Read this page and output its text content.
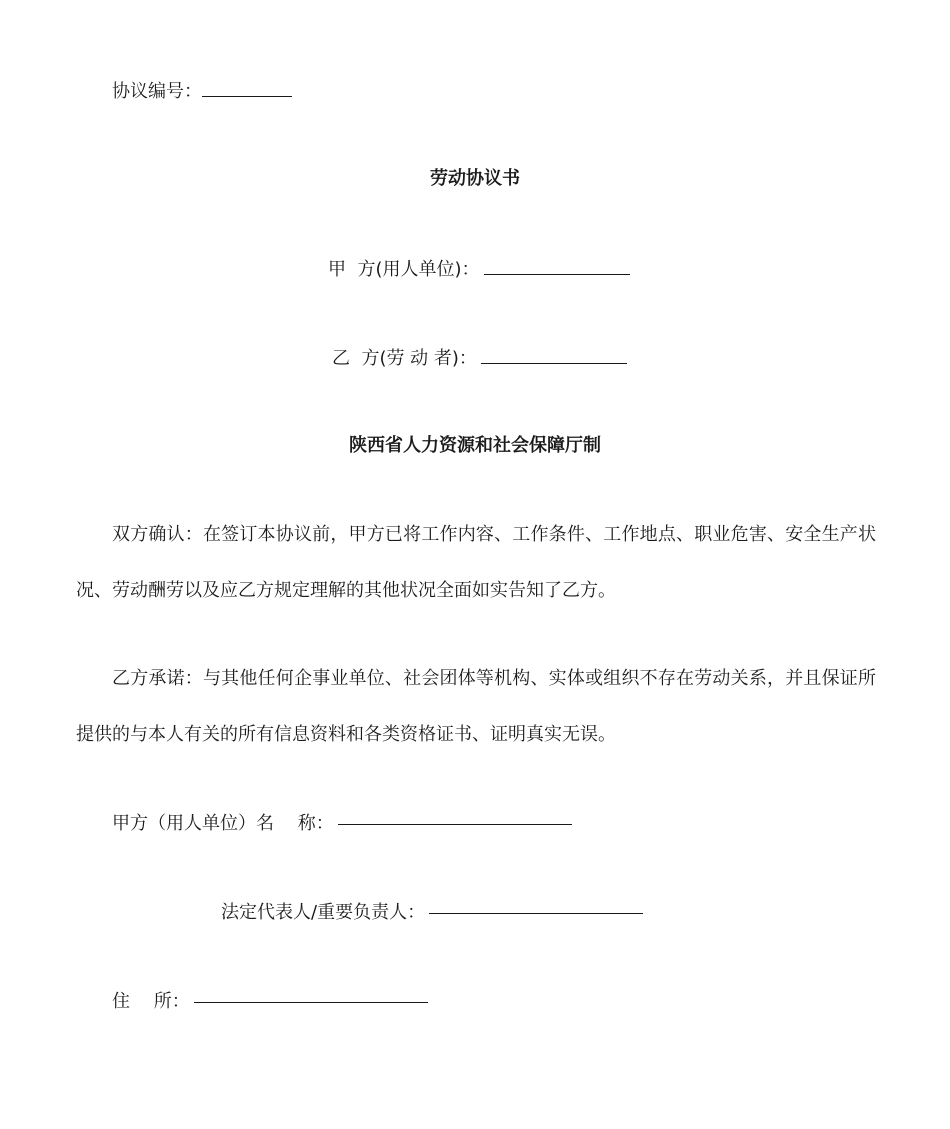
协议编号：
劳动协议书
甲  方(用人单位)：
乙  方(劳 动 者)：
陕西省人力资源和社会保障厅制
双方确认：在签订本协议前，甲方已将工作内容、工作条件、工作地点、职业危害、安全生产状况、劳动酬劳以及应乙方规定理解的其他状况全面如实告知了乙方。
乙方承诺：与其他任何企事业单位、社会团体等机构、实体或组织不存在劳动关系，并且保证所提供的与本人有关的所有信息资料和各类资格证书、证明真实无误。
甲方（用人单位）名　 称：
法定代表人/重要负责人：
住　 所：
